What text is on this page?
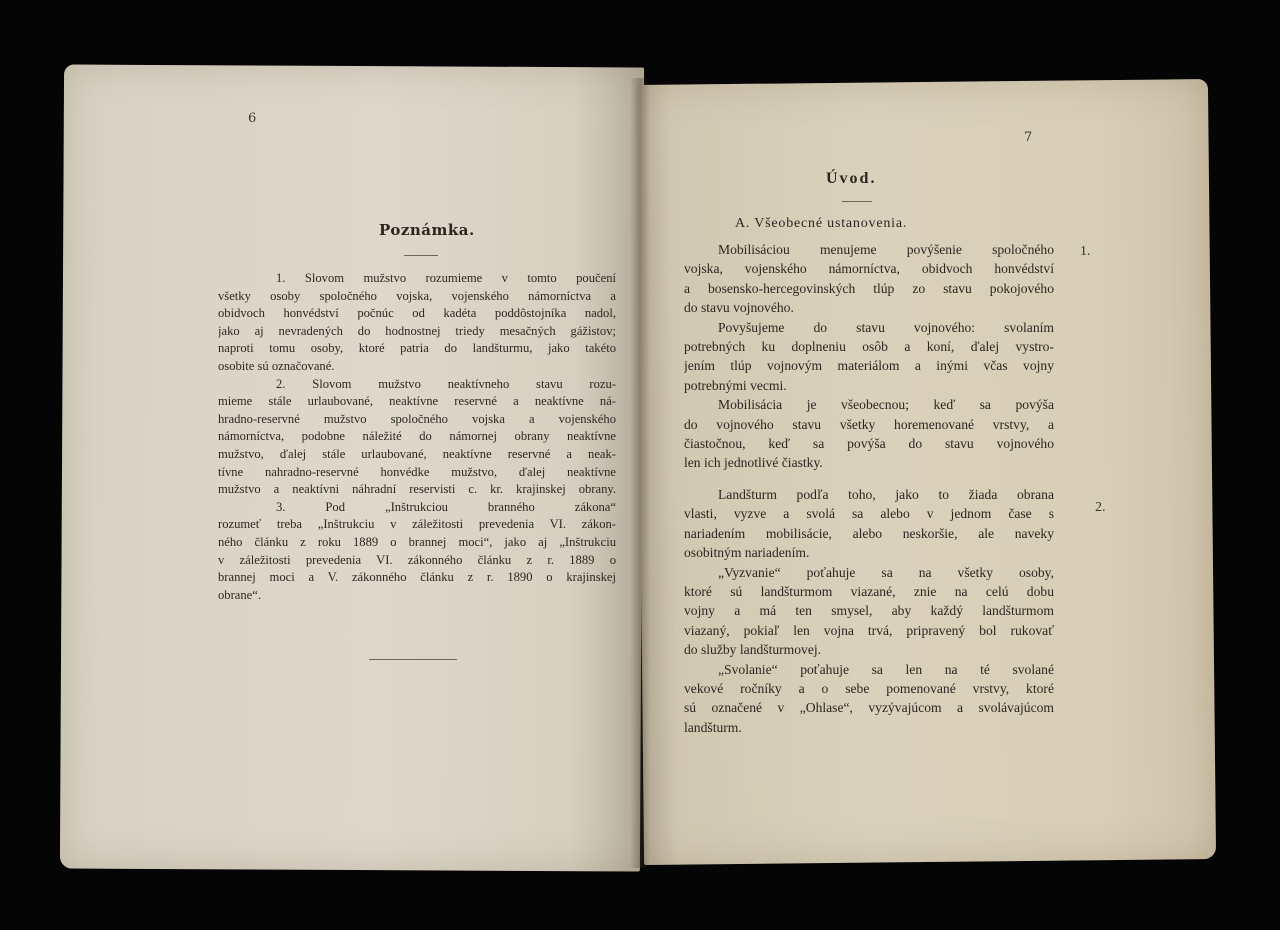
6
Poznámka.
1. Slovom mužstvo rozumieme v tomto poučení
všetky osoby spoločného vojska, vojenského námorníctva a
obidvoch honvédství počnúc od kadéta poddôstojníka nadol,
jako aj nevradených do hodnostnej triedy mesačných gážistov;
naproti tomu osoby, ktoré patria do landšturmu, jako takéto
osobite sú označované.
2. Slovom mužstvo neaktívneho stavu rozu-
mieme stále urlaubované, neaktívne reservné a neaktívne ná-
hradno-reservné mužstvo spoločného vojska a vojenského
námorníctva, podobne náležité do námornej obrany neaktívne
mužstvo, ďalej stále urlaubované, neaktívne reservné a neak-
tívne nahradno-reservné honvédke mužstvo, ďalej neaktívne
mužstvo a neaktívni náhradní reservisti c. kr. krajinskej obrany.
3. Pod „Inštrukciou branného zákona“
rozumeť treba „Inštrukciu v záležitosti prevedenia VI. zákon-
ného článku z roku 1889 o brannej moci“, jako aj „Inštrukciu
v záležitosti prevedenia VI. zákonného článku z r. 1889 o
brannej moci a V. zákonného článku z r. 1890 o krajinskej
obrane“.
7
Úvod.
A. Všeobecné ustanovenia.
Mobilisáciou menujeme povýšenie spoločného
vojska, vojenského námorníctva, obidvoch honvédství
a bosensko-hercegovinských tlúp zo stavu pokojového
do stavu vojnového.
Povyšujeme do stavu vojnového: svolaním
potrebných ku doplneniu osôb a koní, ďalej vystro-
jením tlúp vojnovým materiálom a inými včas vojny
potrebnými vecmi.
Mobilisácia je všeobecnou; keď sa povýša
do vojnového stavu všetky horemenované vrstvy, a
čiastočnou, keď sa povýša do stavu vojnového
len ich jednotlivé čiastky.
Landšturm podľa toho, jako to žiada obrana
vlasti, vyzve a svolá sa alebo v jednom čase s
nariadením mobilisácie, alebo neskoršie, ale naveky
osobitným nariadením.
„Vyzvanie“ poťahuje sa na všetky osoby,
ktoré sú landšturmom viazané, znie na celú dobu
vojny a má ten smysel, aby každý landšturmom
viazaný, pokiaľ len vojna trvá, pripravený bol rukovať
do služby landšturmovej.
„Svolanie“ poťahuje sa len na té svolané
vekové ročníky a o sebe pomenované vrstvy, ktoré
sú označené v „Ohlase“, vyzývajúcom a svolávajúcom
landšturm.
1.
2.
